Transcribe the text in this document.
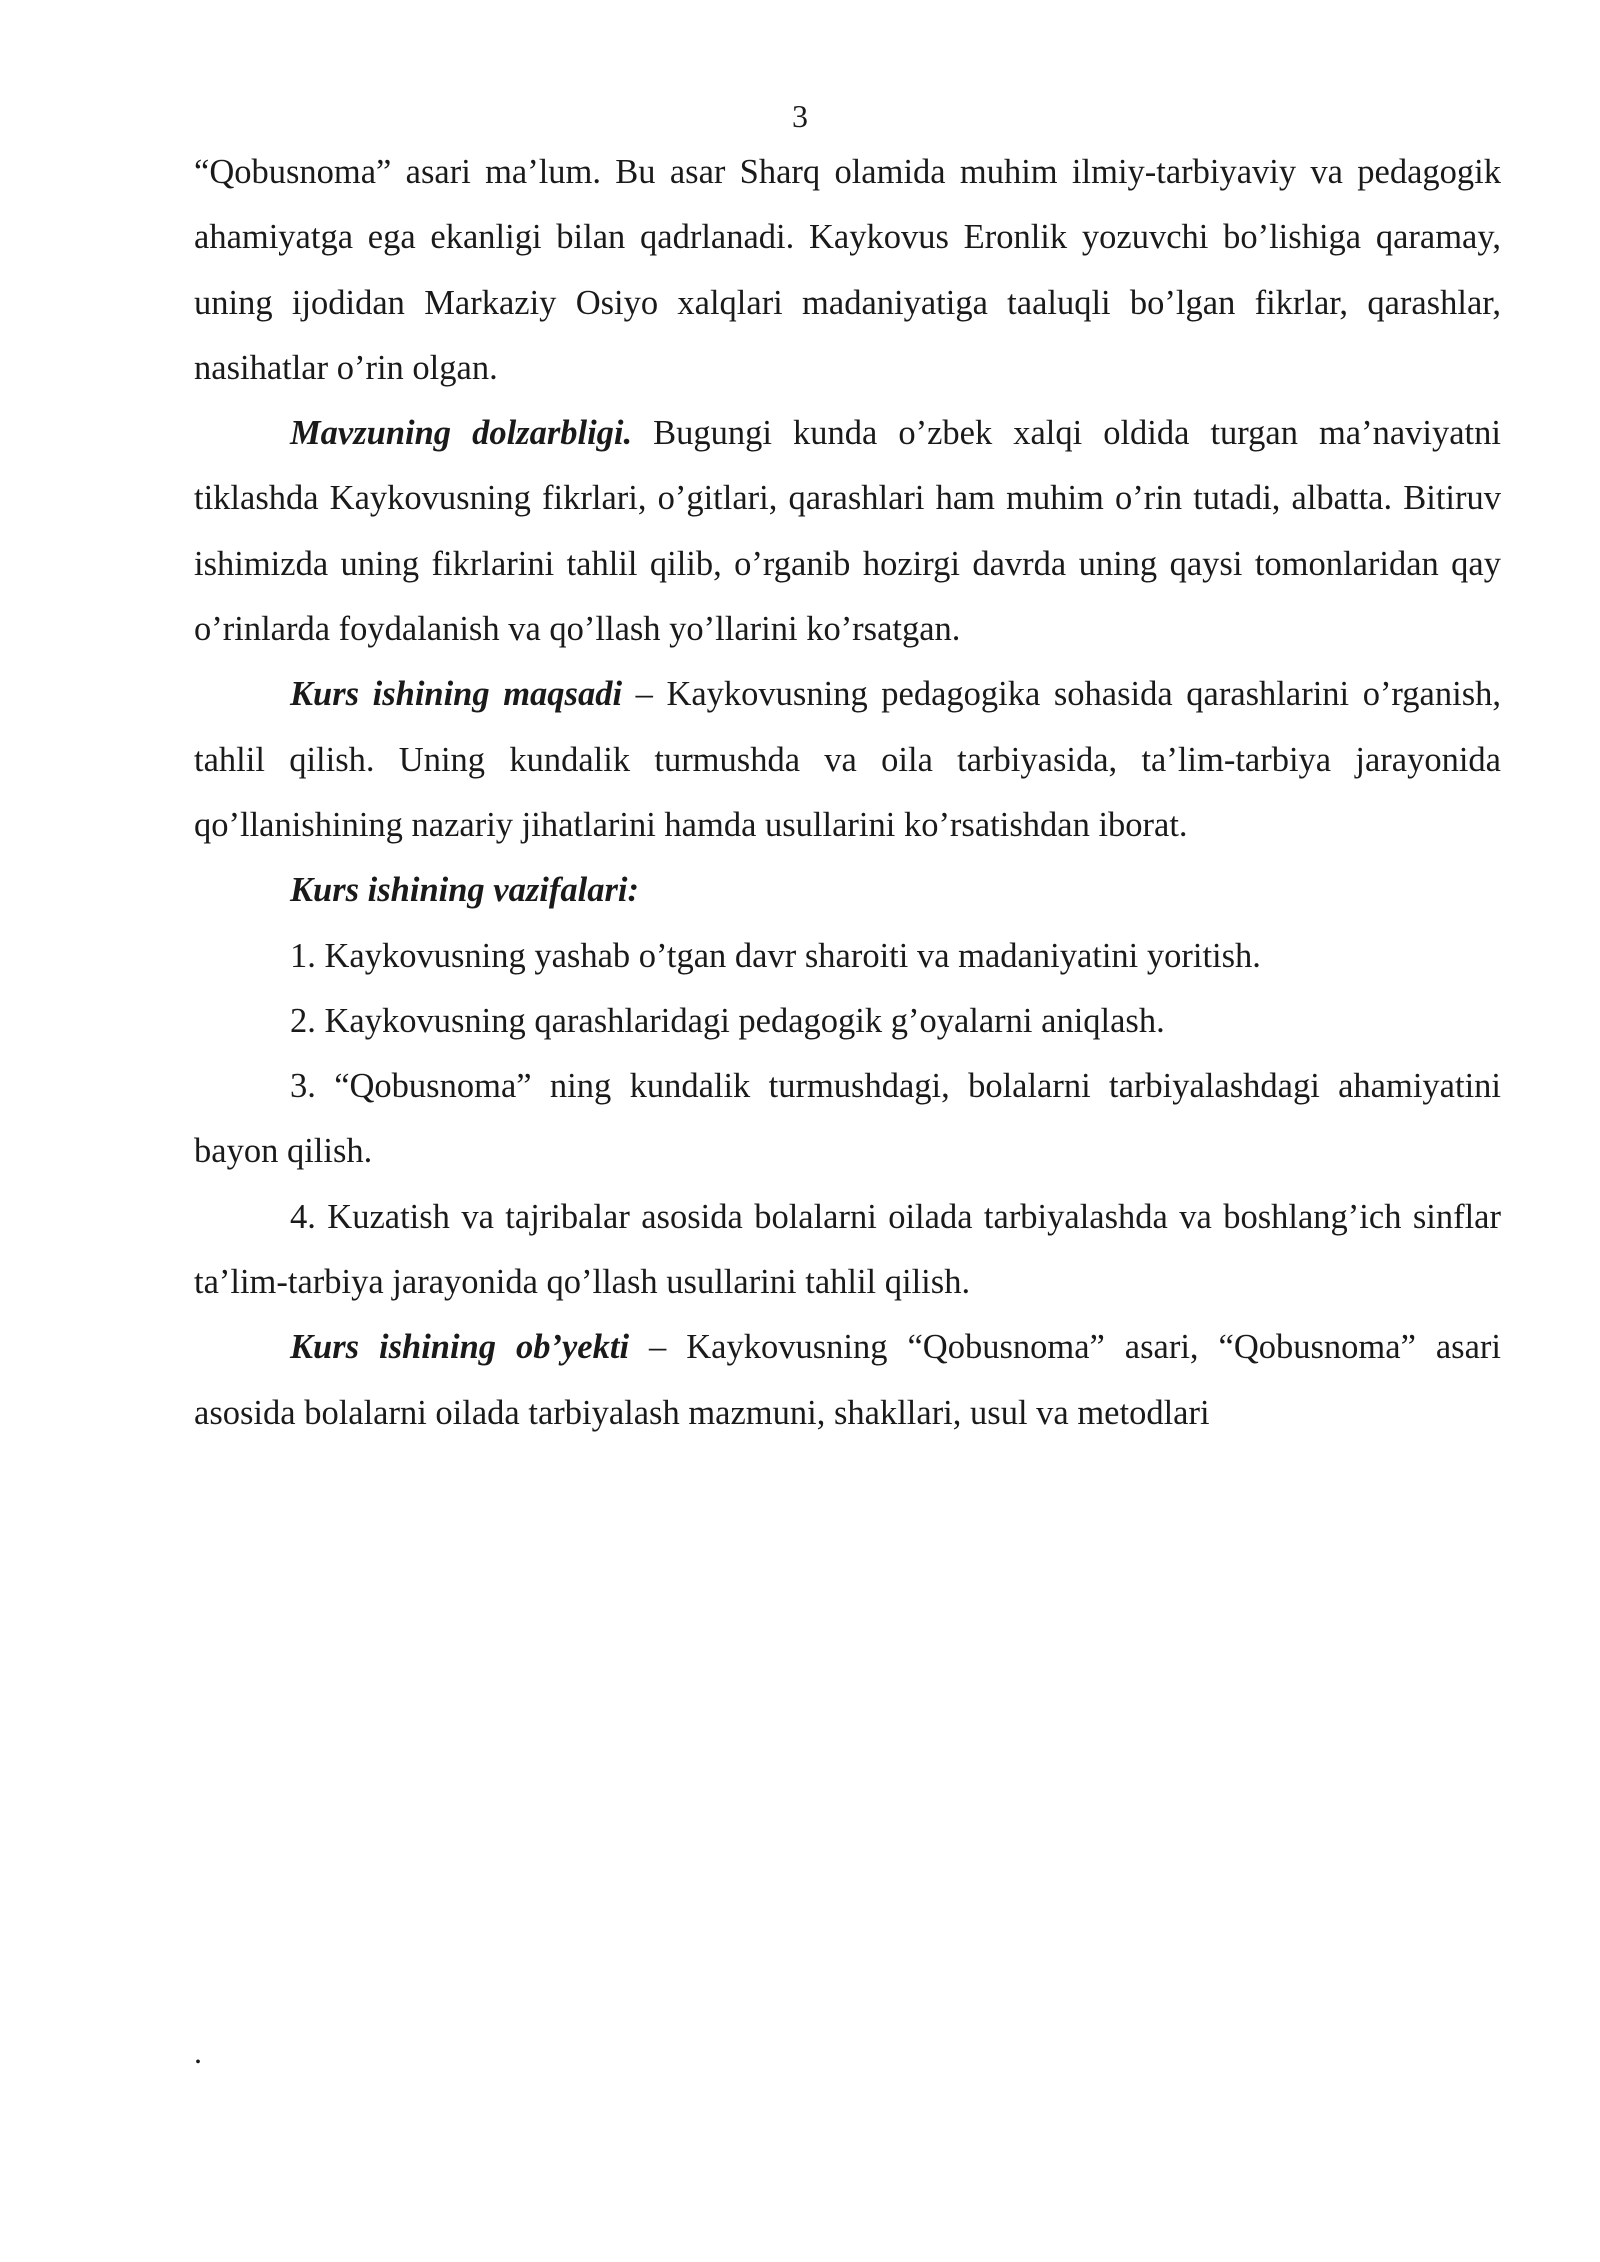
3

“Qobusnoma” asari ma’lum. Bu asar Sharq olamida muhim ilmiy-tarbiyaviy va pedagogik ahamiyatga ega ekanligi bilan qadrlanadi. Kaykovus Eronlik yozuvchi bo’lishiga qaramay, uning ijodidan Markaziy Osiyo xalqlari madaniyatiga taaluqli bo’lgan fikrlar, qarashlar, nasihatlar o’rin olgan.

Mavzuning dolzarbligi. Bugungi kunda o’zbek xalqi oldida turgan ma’naviyatni tiklashda Kaykovusning fikrlari, o’gitlari, qarashlari ham muhim o’rin tutadi, albatta. Bitiruv ishimizda uning fikrlarini tahlil qilib, o’rganib hozirgi davrda uning qaysi tomonlaridan qay o’rinlarda foydalanish va qo’llash yo’llarini ko’rsatgan.

Kurs ishining maqsadi – Kaykovusning pedagogika sohasida qarashlarini o’rganish, tahlil qilish. Uning kundalik turmushda va oila tarbiyasida, ta’lim-tarbiya jarayonida qo’llanishining nazariy jihatlarini hamda usullarini ko’rsatishdan iborat.

Kurs ishining vazifalari:

1. Kaykovusning yashab o’tgan davr sharoiti va madaniyatini yoritish.

2. Kaykovusning qarashlaridagi pedagogik g’oyalarni aniqlash.

3. “Qobusnoma” ning kundalik turmushdagi, bolalarni tarbiyalashdagi ahamiyatini bayon qilish.

4. Kuzatish va tajribalar asosida bolalarni oilada tarbiyalashda va boshlang’ich sinflar ta’lim-tarbiya jarayonida qo’llash usullarini tahlil qilish.

Kurs ishining ob’yekti – Kaykovusning “Qobusnoma” asari, “Qobusnoma” asari asosida bolalarni oilada tarbiyalash mazmuni, shakllari, usul va metodlari

.
